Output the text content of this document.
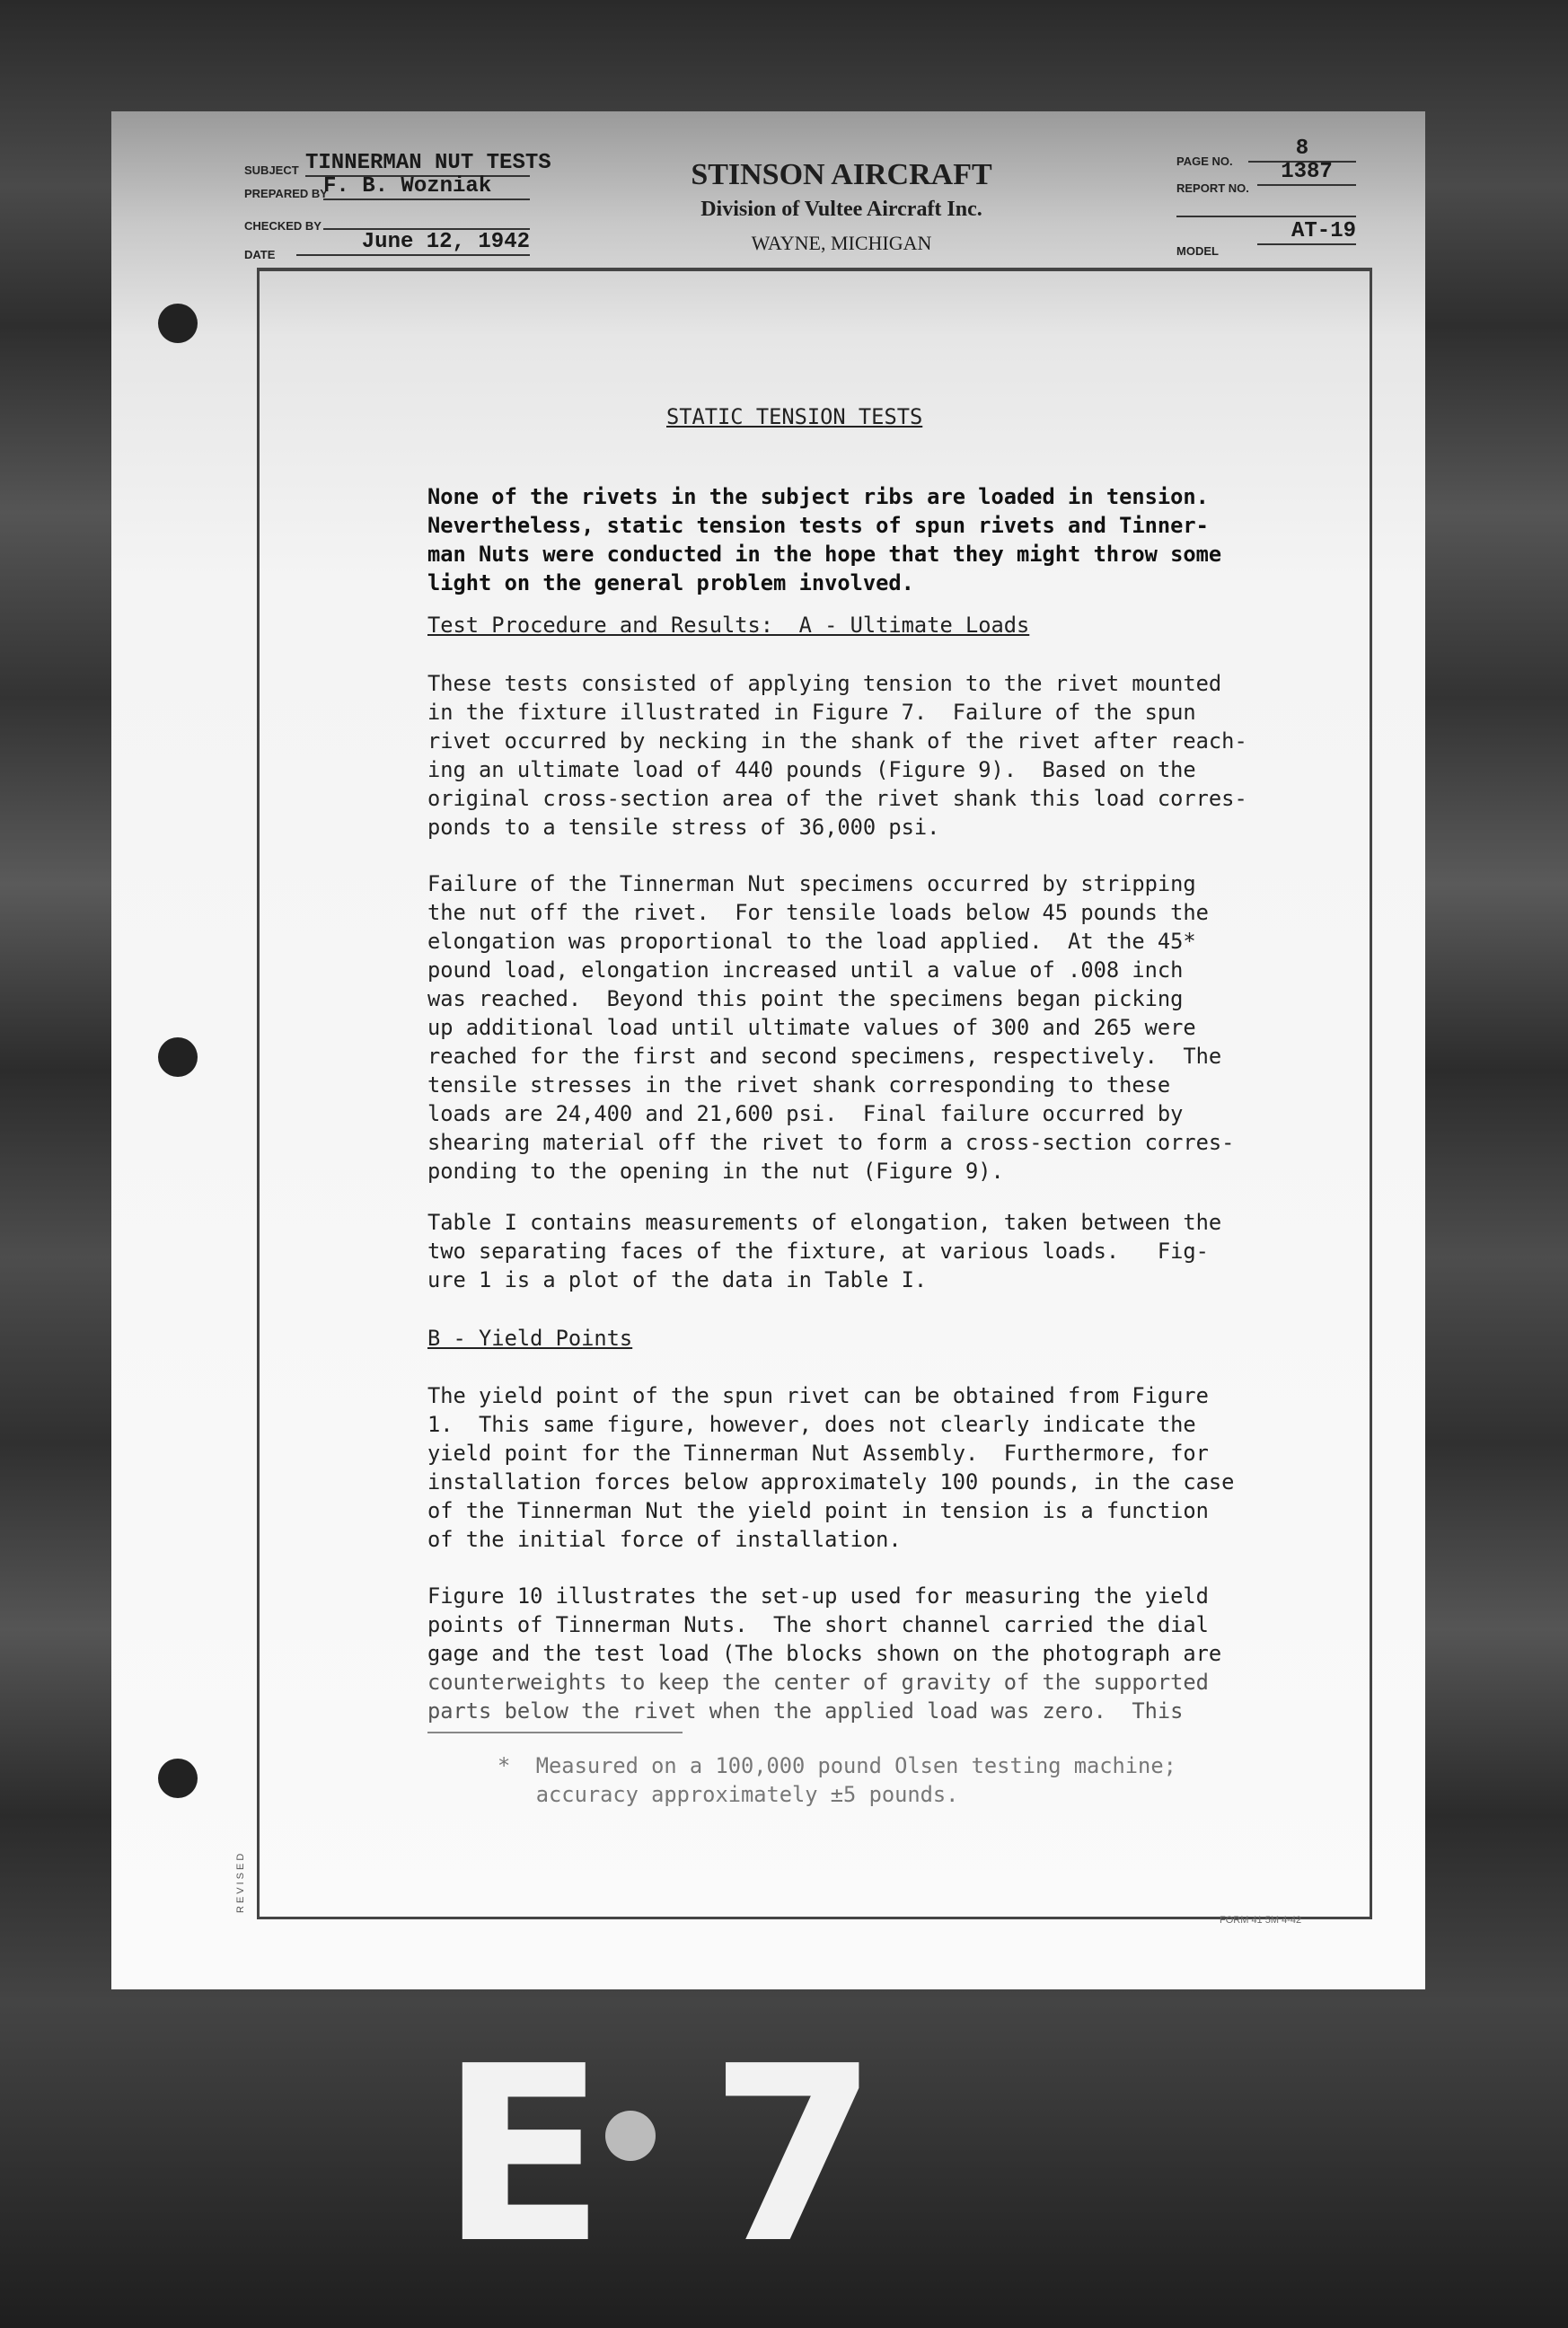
SUBJECT TINNERMAN NUT TESTS
PREPARED BY
F. B. Wozniak
CHECKED BY
DATE
June 12, 1942
STINSON AIRCRAFT
Division of Vultee Aircraft Inc.
WAYNE, MICHIGAN
PAGE NO.
8
REPORT NO.
1387
MODEL
AT-19
STATIC TENSION TESTS
None of the rivets in the subject ribs are loaded in tension.
Nevertheless, static tension tests of spun rivets and Tinner-
man Nuts were conducted in the hope that they might throw some
light on the general problem involved.
Test Procedure and Results:  A - Ultimate Loads
These tests consisted of applying tension to the rivet mounted
in the fixture illustrated in Figure 7.  Failure of the spun
rivet occurred by necking in the shank of the rivet after reach-
ing an ultimate load of 440 pounds (Figure 9).  Based on the
original cross-section area of the rivet shank this load corres-
ponds to a tensile stress of 36,000 psi.
Failure of the Tinnerman Nut specimens occurred by stripping
the nut off the rivet.  For tensile loads below 45 pounds the
elongation was proportional to the load applied.  At the 45*
pound load, elongation increased until a value of .008 inch
was reached.  Beyond this point the specimens began picking
up additional load until ultimate values of 300 and 265 were
reached for the first and second specimens, respectively.  The
tensile stresses in the rivet shank corresponding to these
loads are 24,400 and 21,600 psi.  Final failure occurred by
shearing material off the rivet to form a cross-section corres-
ponding to the opening in the nut (Figure 9).
Table I contains measurements of elongation, taken between the
two separating faces of the fixture, at various loads.   Fig-
ure 1 is a plot of the data in Table I.
B - Yield Points
The yield point of the spun rivet can be obtained from Figure
1.  This same figure, however, does not clearly indicate the
yield point for the Tinnerman Nut Assembly.  Furthermore, for
installation forces below approximately 100 pounds, in the case
of the Tinnerman Nut the yield point in tension is a function
of the initial force of installation.
Figure 10 illustrates the set-up used for measuring the yield
points of Tinnerman Nuts.  The short channel carried the dial
gage and the test load (The blocks shown on the photograph are
counterweights to keep the center of gravity of the supported
parts below the rivet when the applied load was zero.  This
*  Measured on a 100,000 pound Olsen testing machine;
accuracy approximately ±5 pounds.
REVISED
FORM 41 5M 4-42
E 7
